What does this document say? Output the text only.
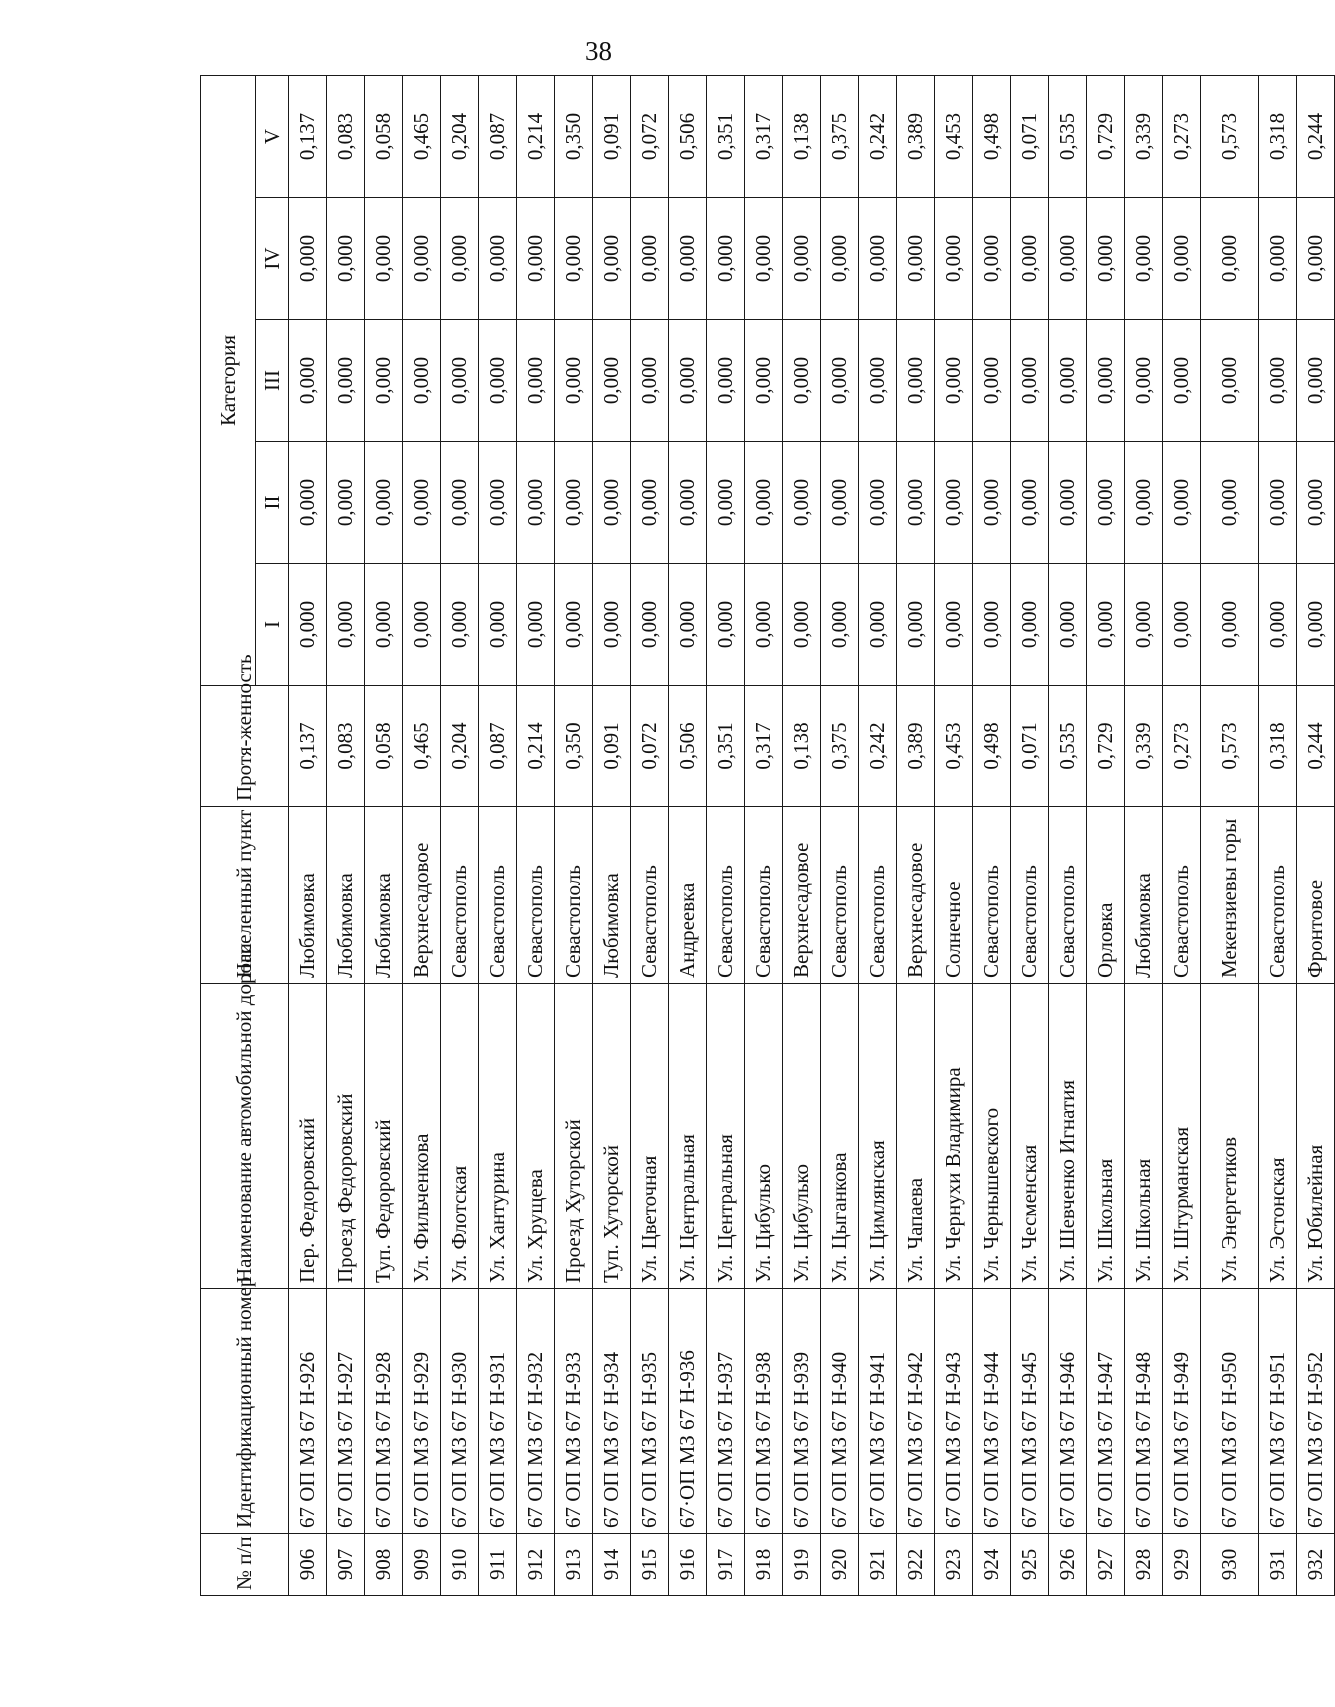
38
№ п/п	Идентификационный номер	Наименование автомобильной дороги	Населенный пункт	Протя-женность	Категория				
					I	II	III	IV	V
906	67 ОП МЗ 67 Н-926	Пер. Федоровский	Любимовка	0,137	0,000	0,000	0,000	0,000	0,137
907	67 ОП МЗ 67 Н-927	Проезд Федоровский	Любимовка	0,083	0,000	0,000	0,000	0,000	0,083
908	67 ОП МЗ 67 Н-928	Туп. Федоровский	Любимовка	0,058	0,000	0,000	0,000	0,000	0,058
909	67 ОП МЗ 67 Н-929	Ул. Фильченкова	Верхнесадовое	0,465	0,000	0,000	0,000	0,000	0,465
910	67 ОП МЗ 67 Н-930	Ул. Флотская	Севастополь	0,204	0,000	0,000	0,000	0,000	0,204
911	67 ОП МЗ 67 Н-931	Ул. Хантурина	Севастополь	0,087	0,000	0,000	0,000	0,000	0,087
912	67 ОП МЗ 67 Н-932	Ул. Хрущева	Севастополь	0,214	0,000	0,000	0,000	0,000	0,214
913	67 ОП МЗ 67 Н-933	Проезд Хуторской	Севастополь	0,350	0,000	0,000	0,000	0,000	0,350
914	67 ОП МЗ 67 Н-934	Туп. Хуторской	Любимовка	0,091	0,000	0,000	0,000	0,000	0,091
915	67 ОП МЗ 67 Н-935	Ул. Цветочная	Севастополь	0,072	0,000	0,000	0,000	0,000	0,072
916	67·ОП МЗ 67 Н-936	Ул. Центральная	Андреевка	0,506	0,000	0,000	0,000	0,000	0,506
917	67 ОП МЗ 67 Н-937	Ул. Центральная	Севастополь	0,351	0,000	0,000	0,000	0,000	0,351
918	67 ОП МЗ 67 Н-938	Ул. Цибулько	Севастополь	0,317	0,000	0,000	0,000	0,000	0,317
919	67 ОП МЗ 67 Н-939	Ул. Цибулько	Верхнесадовое	0,138	0,000	0,000	0,000	0,000	0,138
920	67 ОП МЗ 67 Н-940	Ул. Цыганкова	Севастополь	0,375	0,000	0,000	0,000	0,000	0,375
921	67 ОП МЗ 67 Н-941	Ул. Цимлянская	Севастополь	0,242	0,000	0,000	0,000	0,000	0,242
922	67 ОП МЗ 67 Н-942	Ул. Чапаева	Верхнесадовое	0,389	0,000	0,000	0,000	0,000	0,389
923	67 ОП МЗ 67 Н-943	Ул. Чернухи Владимира	Солнечное	0,453	0,000	0,000	0,000	0,000	0,453
924	67 ОП МЗ 67 Н-944	Ул. Чернышевского	Севастополь	0,498	0,000	0,000	0,000	0,000	0,498
925	67 ОП МЗ 67 Н-945	Ул. Чесменская	Севастополь	0,071	0,000	0,000	0,000	0,000	0,071
926	67 ОП МЗ 67 Н-946	Ул. Шевченко Игнатия	Севастополь	0,535	0,000	0,000	0,000	0,000	0,535
927	67 ОП МЗ 67 Н-947	Ул. Школьная	Орловка	0,729	0,000	0,000	0,000	0,000	0,729
928	67 ОП МЗ 67 Н-948	Ул. Школьная	Любимовка	0,339	0,000	0,000	0,000	0,000	0,339
929	67 ОП МЗ 67 Н-949	Ул. Штурманская	Севастополь	0,273	0,000	0,000	0,000	0,000	0,273
930	67 ОП МЗ 67 Н-950	Ул. Энергетиков	Мекензиевы горы	0,573	0,000	0,000	0,000	0,000	0,573
931	67 ОП МЗ 67 Н-951	Ул. Эстонская	Севастополь	0,318	0,000	0,000	0,000	0,000	0,318
932	67 ОП МЗ 67 Н-952	Ул. Юбилейная	Фронтовое	0,244	0,000	0,000	0,000	0,000	0,244
